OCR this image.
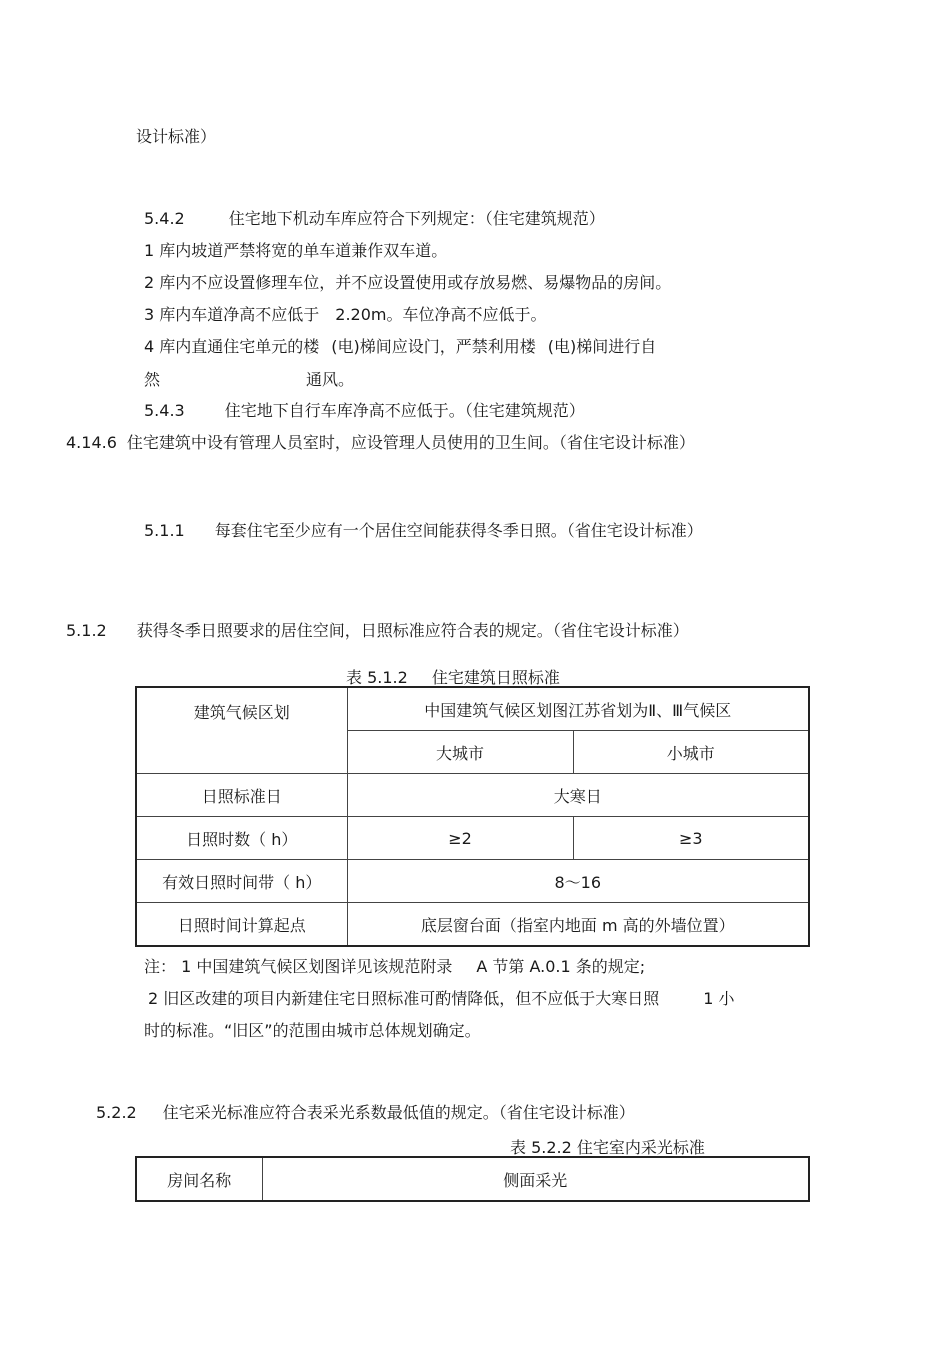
设计标准）
5.4.2	住宅地下机动车库应符合下列规定：（住宅建筑规范）
1 库内坡道严禁将宽的单车道兼作双车道。
2 库内不应设置修理车位，并不应设置使用或存放易燃、易爆物品的房间。
3 库内车道净高不应低于 2.20m。车位净高不应低于。
4 库内直通住宅单元的楼 (电)梯间应设门，严禁利用楼 (电)梯间进行自
然	通风。
5.4.3	住宅地下自行车库净高不应低于。（住宅建筑规范）
4.14.6 住宅建筑中设有管理人员室时，应设管理人员使用的卫生间。（省住宅设计标准）
5.1.1 每套住宅至少应有一个居住空间能获得冬季日照。（省住宅设计标准）
5.1.2 获得冬季日照要求的居住空间，日照标准应符合表的规定。（省住宅设计标准）
表 5.1.2 住宅建筑日照标准
建筑气候区划	中国建筑气候区划图江苏省划为Ⅱ、Ⅲ气候区	
	大城市	小城市
日照标准日	大寒日	
日照时数（ h）	≥2	≥3
有效日照时间带（ h）	8～16	
日照时间计算起点	底层窗台面（指室内地面 m 高的外墙位置）	
注： 1 中国建筑气候区划图详见该规范附录 A 节第 A.0.1 条的规定;
2 旧区改建的项目内新建住宅日照标准可酌情降低，但不应低于大寒日照	1 小
时的标准。“旧区”的范围由城市总体规划确定。
5.2.2 住宅采光标准应符合表采光系数最低值的规定。（省住宅设计标准）
表 5.2.2 住宅室内采光标准
房间名称	侧面采光
